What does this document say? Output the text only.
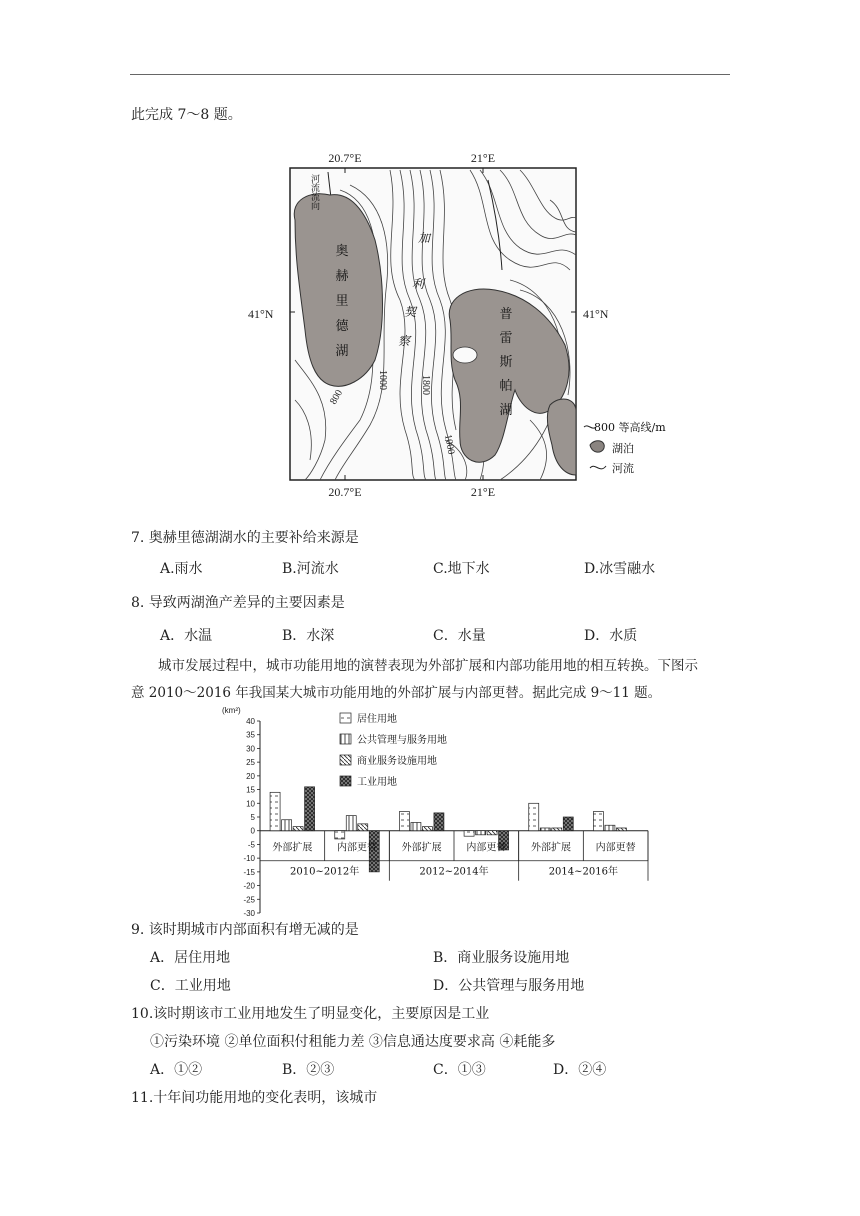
此完成 7～8 题。
20.7°E	21°E
20.7°E	21°E
41°N	41°N
奥
赫
里
德
湖
普
雷
斯
帕
湖
加
利
契
察
河流流向
800
1000	1800
1000
800 等高线/m
湖泊
河流
7. 奥赫里德湖湖水的主要补给来源是
A.雨水	B.河流水	C.地下水	D.冰雪融水
8. 导致两湖渔产差异的主要因素是
A．水温	B．水深	C．水量	D．水质
城市发展过程中，城市功能用地的演替表现为外部扩展和内部功能用地的相互转换。下图示
意 2010～2016 年我国某大城市功能用地的外部扩展与内部更替。据此完成 9～11 题。
(km²)
40
35
30
25
20
15
10
5
0
-5
-10
-15
-20
-25
-30
外部扩展 内部更替 外部扩展 内部更替 外部扩展 内部更替
2010~2012年	2012~2014年	2014~2016年
居住用地
公共管理与服务用地
商业服务设施用地
工业用地
9. 该时期城市内部面积有增无减的是
A．居住用地	B．商业服务设施用地
C．工业用地	D．公共管理与服务用地
10.该时期该市工业用地发生了明显变化，主要原因是工业
①污染环境 ②单位面积付租能力差 ③信息通达度要求高 ④耗能多
A．①②	B．②③	C．①③	D．②④
11.十年间功能用地的变化表明，该城市
